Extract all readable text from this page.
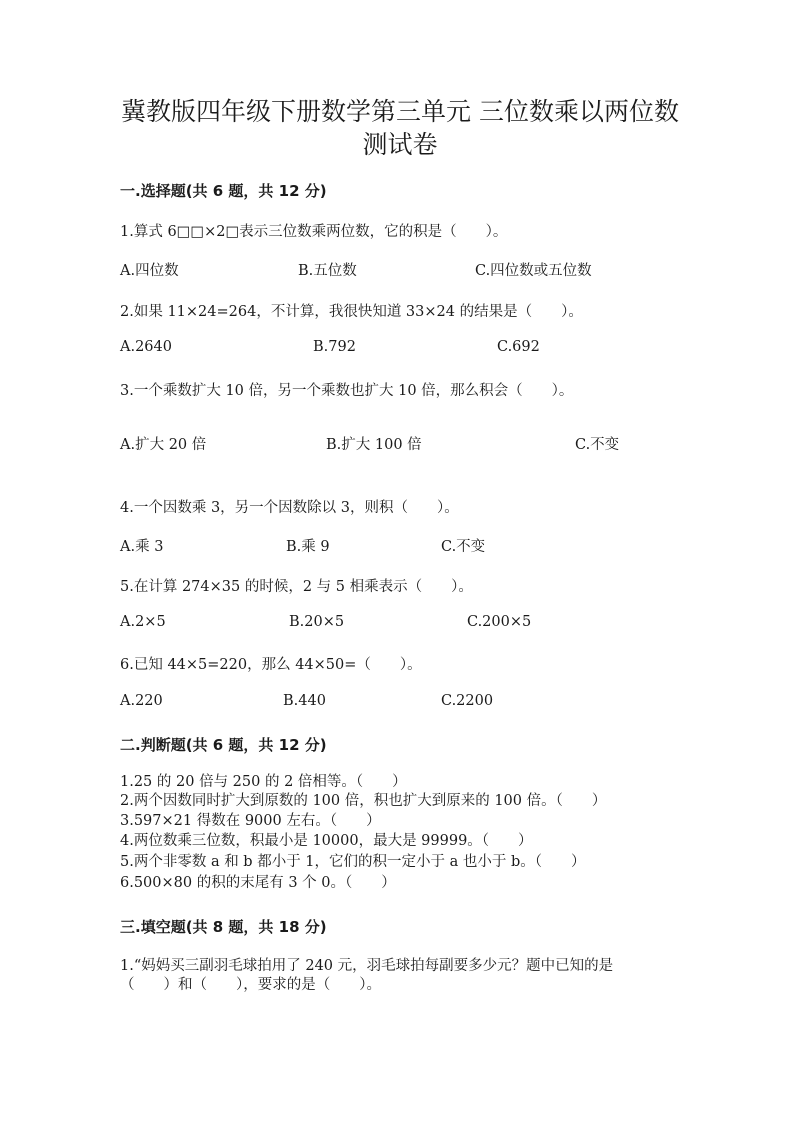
冀教版四年级下册数学第三单元 三位数乘以两位数
测试卷
一.选择题(共 6 题，共 12 分)
1.算式 6□□×2□表示三位数乘两位数，它的积是（　　）。
A.四位数	B.五位数	C.四位数或五位数
2.如果 11×24=264，不计算，我很快知道 33×24 的结果是（　　）。
A.2640	B.792	C.692
3.一个乘数扩大 10 倍，另一个乘数也扩大 10 倍，那么积会（　　）。
A.扩大 20 倍	B.扩大 100 倍	C.不变
4.一个因数乘 3，另一个因数除以 3，则积（　　）。
A.乘 3	B.乘 9	C.不变
5.在计算 274×35 的时候，2 与 5 相乘表示（　　）。
A.2×5	B.20×5	C.200×5
6.已知 44×5=220，那么 44×50=（　　）。
A.220	B.440	C.2200
二.判断题(共 6 题，共 12 分)
1.25 的 20 倍与 250 的 2 倍相等。（　　）
2.两个因数同时扩大到原数的 100 倍，积也扩大到原来的 100 倍。（　　）
3.597×21 得数在 9000 左右。（　　）
4.两位数乘三位数，积最小是 10000，最大是 99999。（　　）
5.两个非零数 a 和 b 都小于 1，它们的积一定小于 a 也小于 b。（　　）
6.500×80 的积的末尾有 3 个 0。（　　）
三.填空题(共 8 题，共 18 分)
1.“妈妈买三副羽毛球拍用了 240 元，羽毛球拍每副要多少元？题中已知的是
（　　）和（　　），要求的是（　　）。
